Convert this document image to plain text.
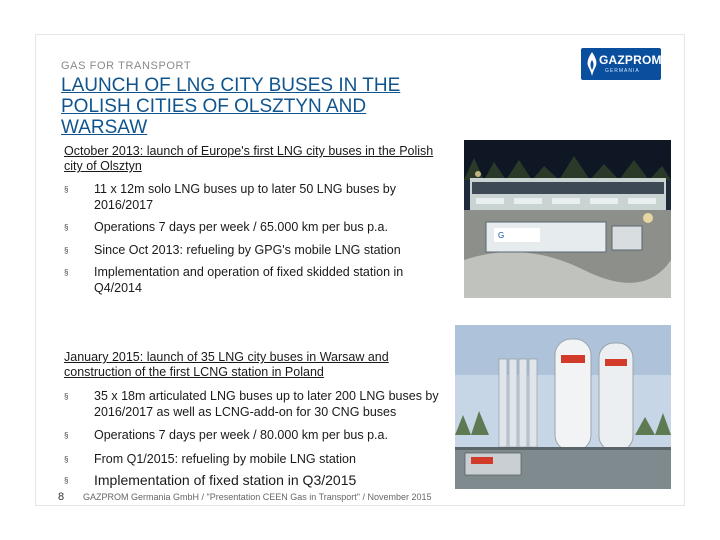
GAS FOR TRANSPORT	GAZPROM
GERMANIA
LAUNCH OF LNG CITY BUSES IN THE POLISH CITIES OF OLSZTYN AND WARSAW
October 2013: launch of Europe's first LNG city buses in the Polish city of Olsztyn
§ 11 x 12m solo LNG buses up to later 50 LNG buses by 2016/2017
§ Operations 7 days per week / 65.000 km per bus p.a.
§ Since Oct 2013: refueling by GPG's mobile LNG station
§ Implementation and operation of fixed skidded station in Q4/2014
G
January 2015: launch of 35 LNG city buses in Warsaw and construction of the first LCNG station in Poland
§ 35 x 18m articulated LNG buses up to later 200 LNG buses by 2016/2017 as well as LCNG-add-on for 30 CNG buses
§ Operations 7 days per week / 80.000 km per bus p.a.
§ From Q1/2015: refueling by mobile LNG station
§ Implementation of fixed station in Q3/2015
8 GAZPROM Germania GmbH / "Presentation CEEN Gas in Transport" / November 2015
